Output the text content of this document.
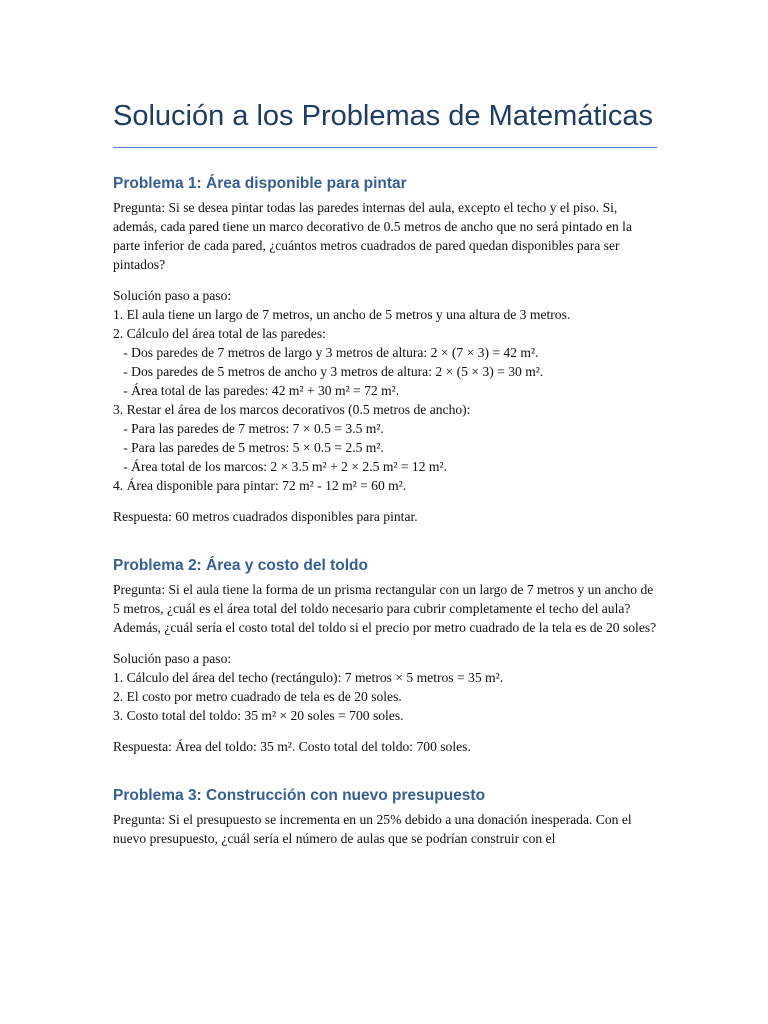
Solución a los Problemas de Matemáticas
Problema 1: Área disponible para pintar

Pregunta: Si se desea pintar todas las paredes internas del aula, excepto el techo y el piso. Si, además, cada pared tiene un marco decorativo de 0.5 metros de ancho que no será pintado en la parte inferior de cada pared, ¿cuántos metros cuadrados de pared quedan disponibles para ser pintados?

Solución paso a paso:
1. El aula tiene un largo de 7 metros, un ancho de 5 metros y una altura de 3 metros.
2. Cálculo del área total de las paredes:
- Dos paredes de 7 metros de largo y 3 metros de altura: 2 × (7 × 3) = 42 m².
- Dos paredes de 5 metros de ancho y 3 metros de altura: 2 × (5 × 3) = 30 m².
- Área total de las paredes: 42 m² + 30 m² = 72 m².
3. Restar el área de los marcos decorativos (0.5 metros de ancho):
- Para las paredes de 7 metros: 7 × 0.5 = 3.5 m².
- Para las paredes de 5 metros: 5 × 0.5 = 2.5 m².
- Área total de los marcos: 2 × 3.5 m² + 2 × 2.5 m² = 12 m².
4. Área disponible para pintar: 72 m² - 12 m² = 60 m².

Respuesta: 60 metros cuadrados disponibles para pintar.

Problema 2: Área y costo del toldo

Pregunta: Si el aula tiene la forma de un prisma rectangular con un largo de 7 metros y un ancho de 5 metros, ¿cuál es el área total del toldo necesario para cubrir completamente el techo del aula? Además, ¿cuál sería el costo total del toldo si el precio por metro cuadrado de la tela es de 20 soles?

Solución paso a paso:
1. Cálculo del área del techo (rectángulo): 7 metros × 5 metros = 35 m².
2. El costo por metro cuadrado de tela es de 20 soles.
3. Costo total del toldo: 35 m² × 20 soles = 700 soles.

Respuesta: Área del toldo: 35 m². Costo total del toldo: 700 soles.

Problema 3: Construcción con nuevo presupuesto

Pregunta: Si el presupuesto se incrementa en un 25% debido a una donación inesperada. Con el nuevo presupuesto, ¿cuál sería el número de aulas que se podrían construir con el
